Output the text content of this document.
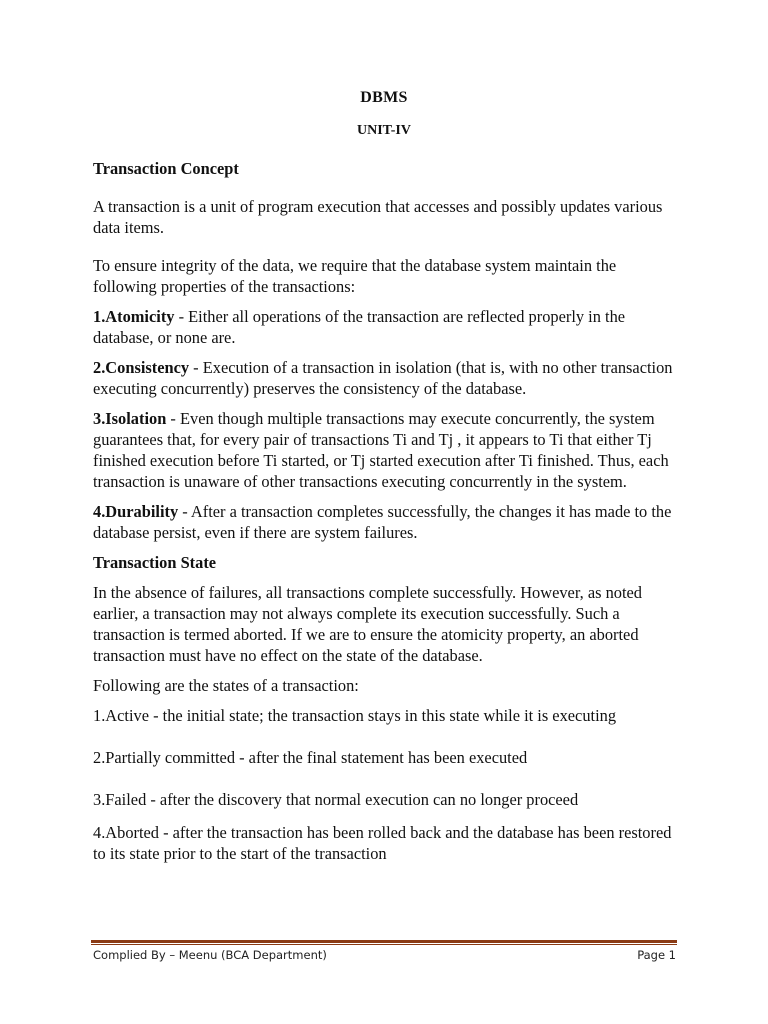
DBMS
UNIT-IV

Transaction Concept

A transaction is a unit of program execution that accesses and possibly updates various data items.

To ensure integrity of the data, we require that the database system maintain the following properties of the transactions:

1.Atomicity - Either all operations of the transaction are reflected properly in the database, or none are.

2.Consistency - Execution of a transaction in isolation (that is, with no other transaction executing concurrently) preserves the consistency of the database.

3.Isolation - Even though multiple transactions may execute concurrently, the system guarantees that, for every pair of transactions Ti and Tj , it appears to Ti that either Tj finished execution before Ti started, or Tj started execution after Ti finished. Thus, each transaction is unaware of other transactions executing concurrently in the system.

4.Durability - After a transaction completes successfully, the changes it has made to the database persist, even if there are system failures.

Transaction State

In the absence of failures, all transactions complete successfully. However, as noted earlier, a transaction may not always complete its execution successfully. Such a transaction is termed aborted. If we are to ensure the atomicity property, an aborted transaction must have no effect on the state of the database.

Following are the states of a transaction:

1.Active - the initial state; the transaction stays in this state while it is executing

2.Partially committed - after the final statement has been executed

3.Failed - after the discovery that normal execution can no longer proceed

4.Aborted - after the transaction has been rolled back and the database has been restored to its state prior to the start of the transaction

Complied By – Meenu (BCA Department)	Page 1
